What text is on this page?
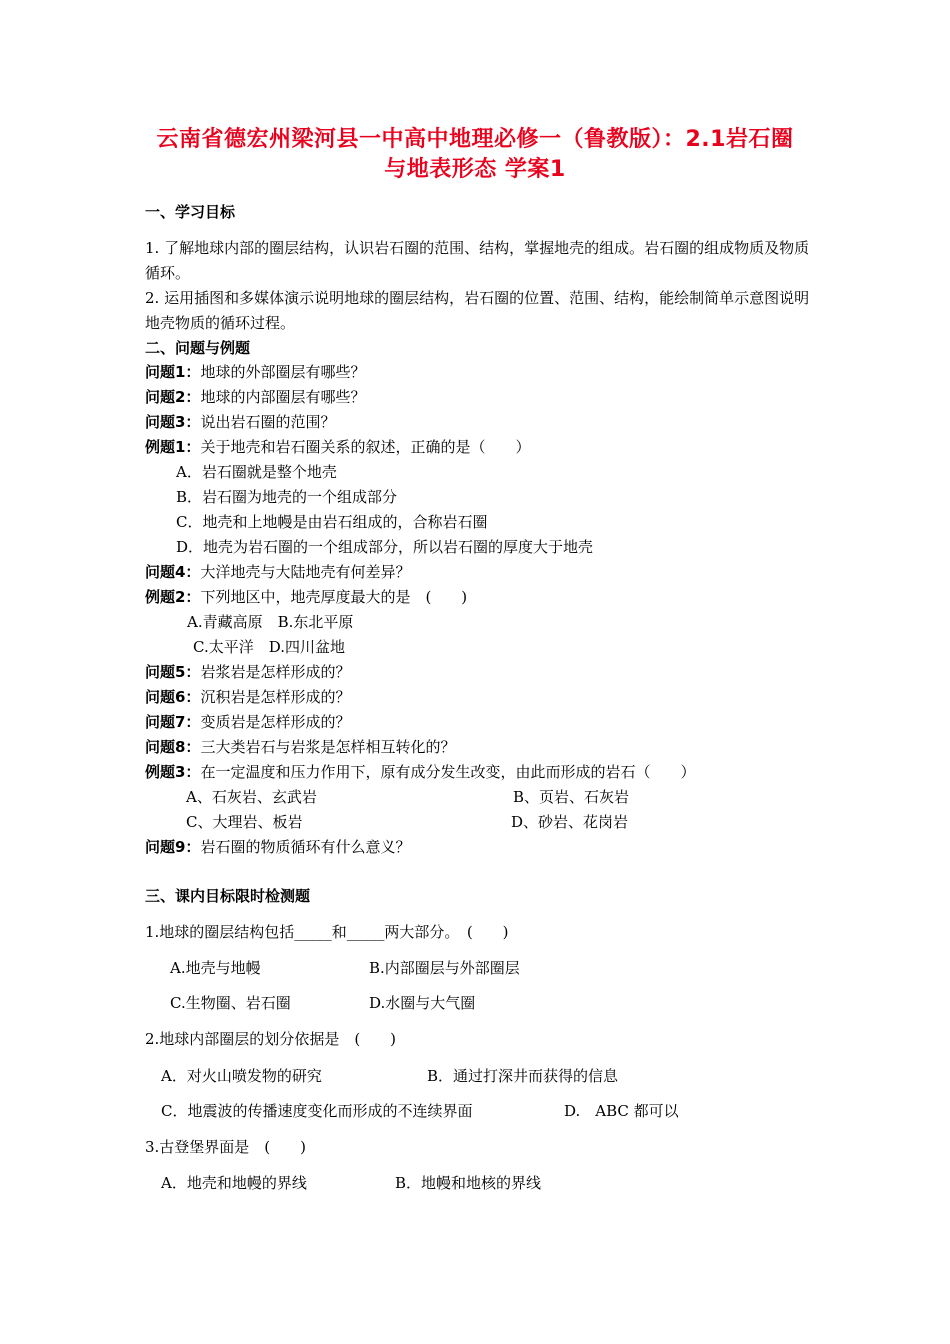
云南省德宏州梁河县一中高中地理必修一（鲁教版）：2.1岩石圈
与地表形态 学案1
一、学习目标
1. 了解地球内部的圈层结构，认识岩石圈的范围、结构，掌握地壳的组成。岩石圈的组成物质及物质循环。
2. 运用插图和多媒体演示说明地球的圈层结构，岩石圈的位置、范围、结构，能绘制简单示意图说明地壳物质的循环过程。
二、问题与例题
问题1：地球的外部圈层有哪些？
问题2：地球的内部圈层有哪些？
问题3：说出岩石圈的范围？
例题1：关于地壳和岩石圈关系的叙述，正确的是（　　）
A．岩石圈就是整个地壳
B．岩石圈为地壳的一个组成部分
C．地壳和上地幔是由岩石组成的，合称岩石圈
D．地壳为岩石圈的一个组成部分，所以岩石圈的厚度大于地壳
问题4：大洋地壳与大陆地壳有何差异？
例题2：下列地区中，地壳厚度最大的是　(　　)
A.青藏高原　B.东北平原
C.太平洋　D.四川盆地
问题5：岩浆岩是怎样形成的？
问题6：沉积岩是怎样形成的？
问题7：变质岩是怎样形成的？
问题8：三大类岩石与岩浆是怎样相互转化的？
例题3：在一定温度和压力作用下，原有成分发生改变，由此而形成的岩石（　　）
A、石灰岩、玄武岩	B、页岩、石灰岩
C、大理岩、板岩	D、砂岩、花岗岩
问题9：岩石圈的物质循环有什么意义？
三、课内目标限时检测题
1.地球的圈层结构包括_____和_____两大部分。　(　　)
A.地壳与地幔	B.内部圈层与外部圈层
C.生物圈、岩石圈	D.水圈与大气圈
2.地球内部圈层的划分依据是　(　　)
A．对火山喷发物的研究	B．通过打深井而获得的信息
C．地震波的传播速度变化而形成的不连续界面	D.　ABC 都可以
3.古登堡界面是　(　　)
A．地壳和地幔的界线	B．地幔和地核的界线
